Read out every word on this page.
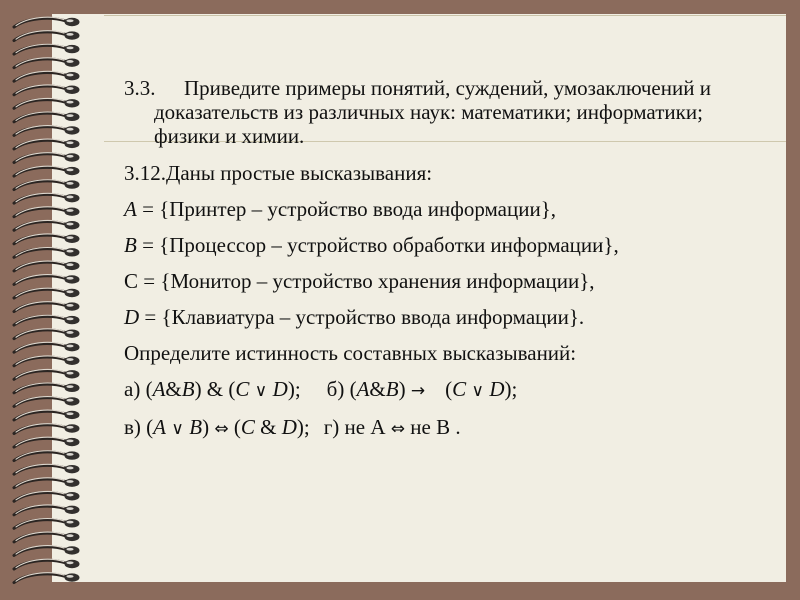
3.3. Приведите примеры понятий, суждений, умозаключений и доказательств из различных наук: математики; информатики; физики и химии.

3.12.Даны простые высказывания:

A = {Принтер – устройство ввода информации},

B = {Процессор – устройство обработки информации},

С = {Монитор – устройство хранения информации},

D = {Клавиатура – устройство ввода информации}.

Определите истинность составных высказываний:

а) (A&B) & (C ∨ D); б) (A&B) → (C ∨ D);

в) (A ∨ B) ⇔ (C & D); г) не А ⇔ не В .
